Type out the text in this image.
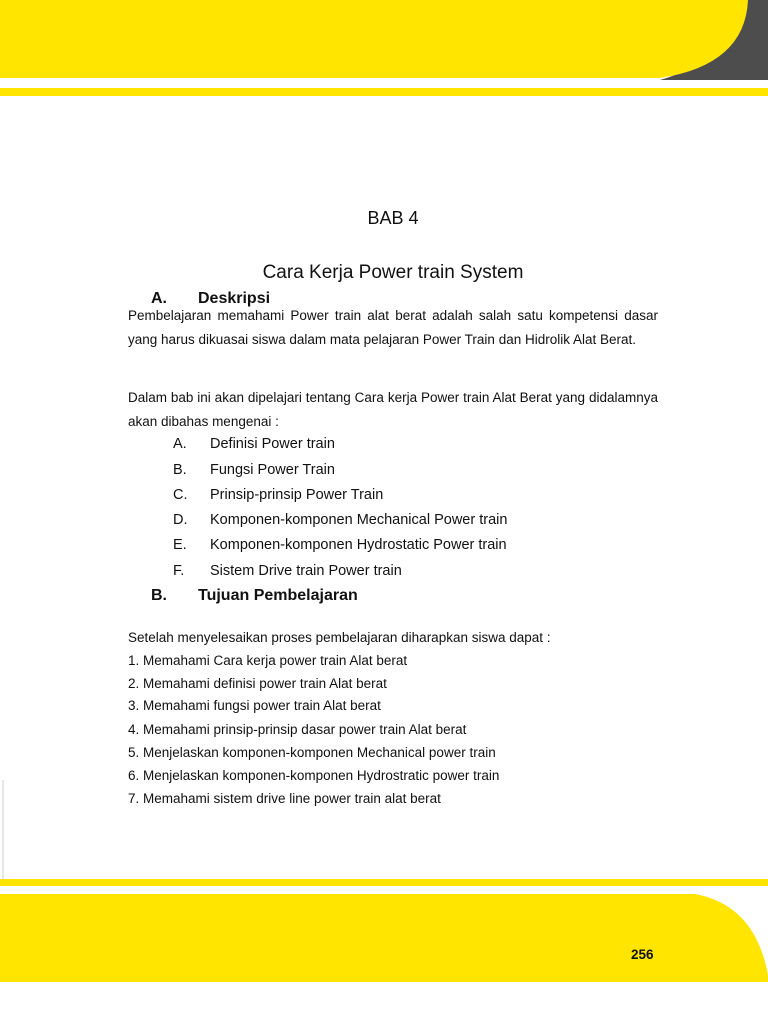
BAB 4
Cara Kerja Power train System
A. Deskripsi
Pembelajaran memahami Power train alat berat adalah salah satu kompetensi dasar yang harus dikuasai siswa dalam mata pelajaran Power Train dan Hidrolik Alat Berat.
Dalam bab ini akan dipelajari tentang Cara kerja Power train Alat Berat yang didalamnya akan dibahas mengenai :
A. Definisi Power train
B. Fungsi Power Train
C. Prinsip-prinsip Power Train
D. Komponen-komponen Mechanical Power train
E. Komponen-komponen Hydrostatic Power train
F. Sistem Drive train Power train
B. Tujuan Pembelajaran
Setelah menyelesaikan proses pembelajaran diharapkan siswa dapat :
1. Memahami Cara kerja power train Alat berat
2. Memahami definisi power train Alat berat
3. Memahami fungsi power train Alat berat
4. Memahami prinsip-prinsip dasar power train Alat berat
5. Menjelaskan komponen-komponen Mechanical power train
6. Menjelaskan komponen-komponen Hydrostratic power train
7. Memahami sistem drive line power train alat berat
256
